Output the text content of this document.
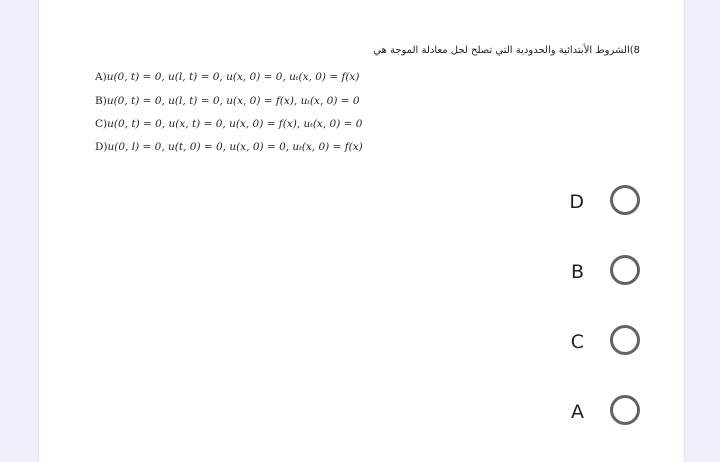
8)الشروط الأبتدائية والحدودية التي تصلح لحل معادلة الموجة هي
A)u(0, t) = 0, u(l, t) = 0, u(x, 0) = 0, uₜ(x, 0) = f(x)
B)u(0, t) = 0, u(l, t) = 0, u(x, 0) = f(x), uₜ(x, 0) = 0
C)u(0, t) = 0, u(x, t) = 0, u(x, 0) = f(x), uₜ(x, 0) = 0
D)u(0, l) = 0, u(t, 0) = 0, u(x, 0) = 0, uₜ(x, 0) = f(x)
D
B
C
A
